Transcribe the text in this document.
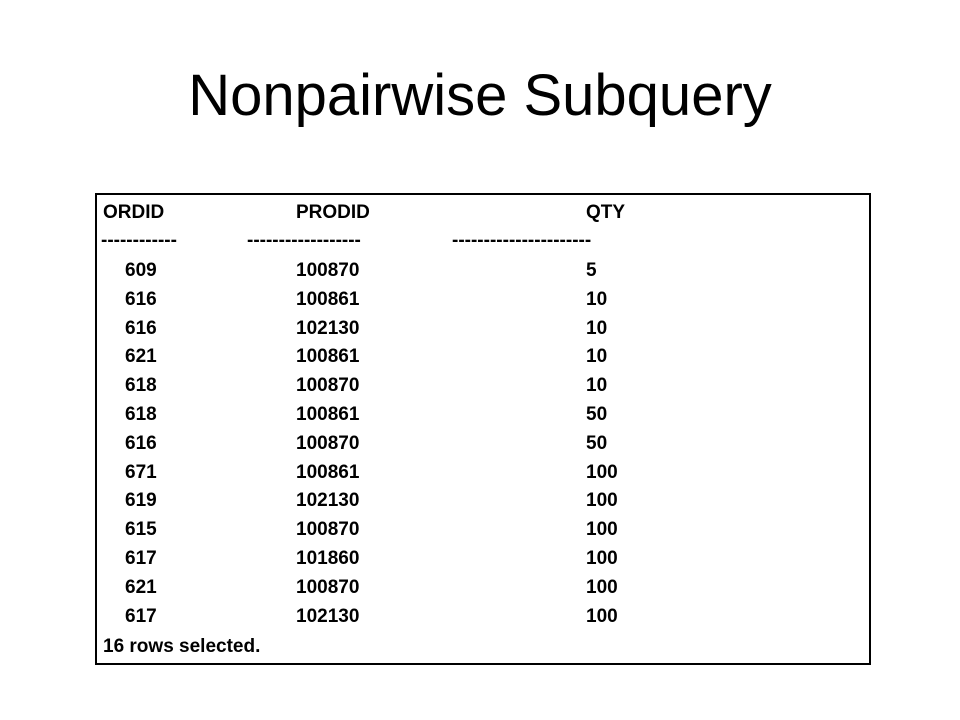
Nonpairwise Subquery
ORDID	PRODID	QTY
------------	------------------	----------------------
609	100870	5
616	100861	10
616	102130	10
621	100861	10
618	100870	10
618	100861	50
616	100870	50
671	100861	100
619	102130	100
615	100870	100
617	101860	100
621	100870	100
617	102130	100
16 rows selected.
